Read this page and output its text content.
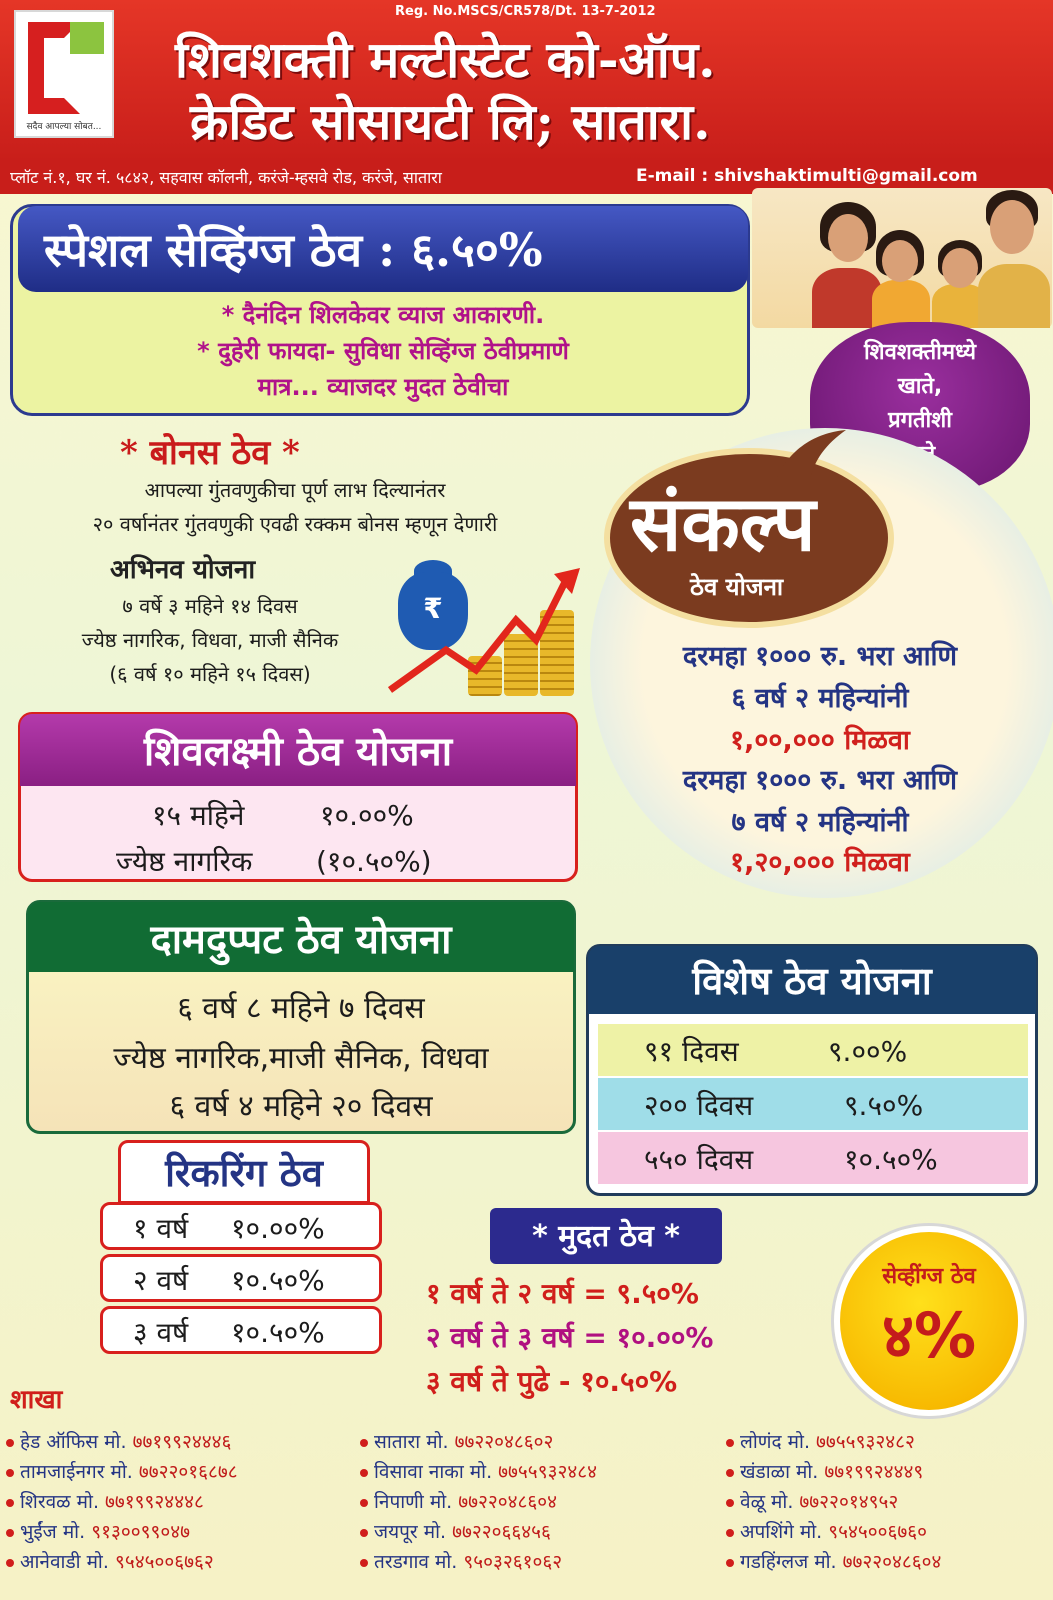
सदैव आपल्या सोबत...
Reg. No.MSCS/CR578/Dt. 13-7-2012
शिवशक्ती मल्टीस्टेट को-ऑप.
क्रेडिट सोसायटी लि; सातारा.
प्लॉट नं.१, घर नं. ५८४२, सहवास कॉलनी, करंजे-म्हसवे रोड, करंजे, सातारा	E-mail : shivshaktimulti@gmail.com
स्पेशल सेव्हिंग्ज ठेव : ६.५०%
* दैनंदिन शिलकेवर व्याज आकारणी.
* दुहेरी फायदा- सुविधा सेव्हिंग्ज ठेवीप्रमाणे
मात्र... व्याजदर मुदत ठेवीचा
शिवशक्तीमध्ये
खाते,
प्रगतीशी
* बोनस ठेव *
आपल्या गुंतवणुकीचा पूर्ण लाभ दिल्यानंतर
२० वर्षानंतर गुंतवणुकी एवढी रक्कम बोनस म्हणून देणारी
अभिनव योजना
७ वर्षे ३ महिने १४ दिवस
ज्येष्ठ नागरिक, विधवा, माजी सैनिक
(६ वर्ष १० महिने १५ दिवस)
₹
संकल्प
ठेव योजना
दरमहा १००० रु. भरा आणि
६ वर्ष २ महिन्यांनी
१,००,००० मिळवा
दरमहा १००० रु. भरा आणि
७ वर्ष २ महिन्यांनी
१,२०,००० मिळवा
शिवलक्ष्मी ठेव योजना
१५ महिने	१०.००%
ज्येष्ठ नागरिक (१०.५०%)
दामदुप्पट ठेव योजना
६ वर्ष ८ महिने ७ दिवस
ज्येष्ठ नागरिक,माजी सैनिक, विधवा
६ वर्ष ४ महिने २० दिवस
विशेष ठेव योजना
९१ दिवस	९.००%
२०० दिवस	९.५०%
५५० दिवस	१०.५०%
रिकरिंग ठेव
१ वर्ष १०.००%
२ वर्ष १०.५०%
३ वर्ष १०.५०%
* मुदत ठेव *
१ वर्ष ते २ वर्ष = ९.५०%
२ वर्ष ते ३ वर्ष = १०.००%
३ वर्ष ते पुढे - १०.५०%
सेव्हींग्ज ठेव
४%
शाखा
हेड ऑफिस मो. ७७१९९२४४४६
तामजाईनगर मो. ७७२२०१६८७८
शिरवळ मो. ७७१९९२४४४८
भुईंज मो. ९१३००९९०४७
आनेवाडी मो. ९५४५००६७६२
सातारा मो. ७७२२०४८६०२
विसावा नाका मो. ७७५५९३२४८४
निपाणी मो. ७७२२०४८६०४
जयपूर मो. ७७२२०६६४५६
तरडगाव मो. ९५०३२६१०६२
लोणंद मो. ७७५५९३२४८२
खंडाळा मो. ७७१९९२४४४९
वेळू मो. ७७२२०१४९५२
अपशिंगे मो. ९५४५००६७६०
गडहिंग्लज मो. ७७२२०४८६०४
